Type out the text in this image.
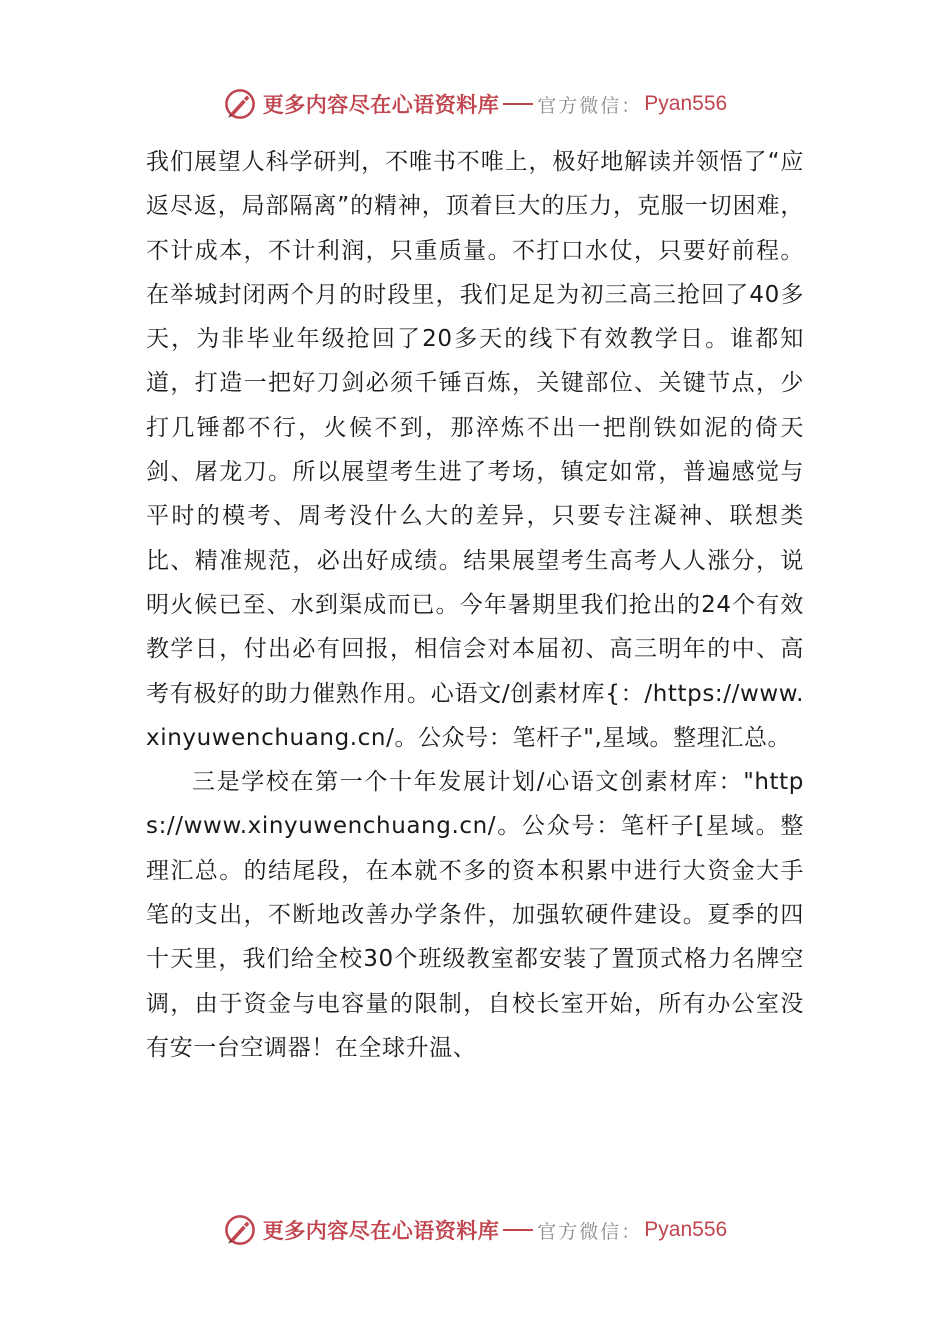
更多内容尽在心语资料库 官方微信： Pyan556

我们展望人科学研判，不唯书不唯上，极好地解读并领悟了“应返尽返，局部隔离”的精神，顶着巨大的压力，克服一切困难，不计成本，不计利润，只重质量。不打口水仗，只要好前程。在举城封闭两个月的时段里，我们足足为初三高三抢回了40多天，为非毕业年级抢回了20多天的线下有效教学日。谁都知道，打造一把好刀剑必须千锤百炼，关键部位、关键节点，少打几锤都不行，火候不到，那淬炼不出一把削铁如泥的倚天剑、屠龙刀。所以展望考生进了考场，镇定如常，普遍感觉与平时的模考、周考没什么大的差异，只要专注凝神、联想类比、精准规范，必出好成绩。结果展望考生高考人人涨分，说明火候已至、水到渠成而已。今年暑期里我们抢出的24个有效教学日，付出必有回报，相信会对本届初、高三明年的中、高考有极好的助力催熟作用。心语文/创素材库{：/https://www.xinyuwenchuang.cn/。公众号：笔杆子",星域。整理汇总。

三是学校在第一个十年发展计划/心语文创素材库："https://www.xinyuwenchuang.cn/。公众号：笔杆子[星域。整理汇总。的结尾段，在本就不多的资本积累中进行大资金大手笔的支出，不断地改善办学条件，加强软硬件建设。夏季的四十天里，我们给全校30个班级教室都安装了置顶式格力名牌空调，由于资金与电容量的限制，自校长室开始，所有办公室没有安一台空调器！在全球升温、

更多内容尽在心语资料库 官方微信： Pyan556
